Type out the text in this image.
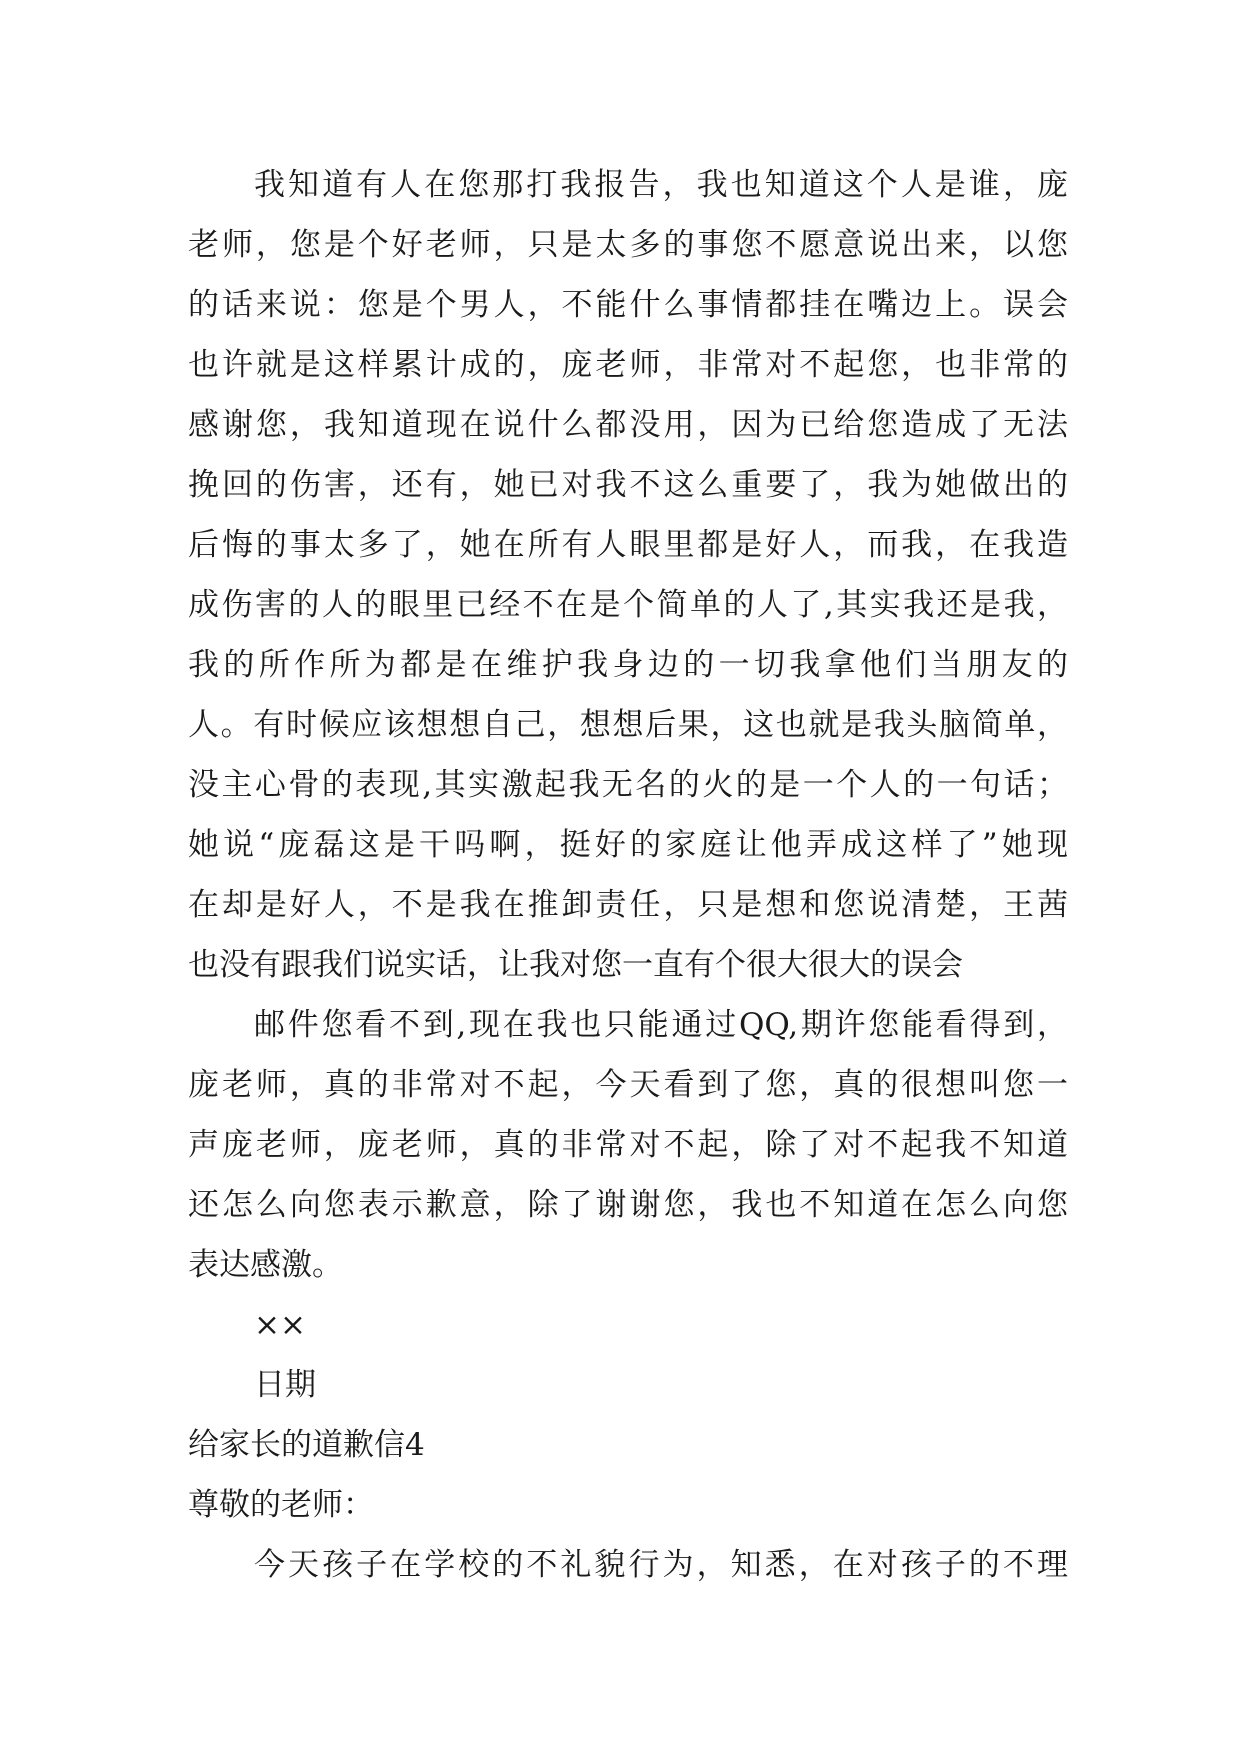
我知道有人在您那打我报告，我也知道这个人是谁，庞
老师，您是个好老师，只是太多的事您不愿意说出来，以您
的话来说：您是个男人，不能什么事情都挂在嘴边上。误会
也许就是这样累计成的，庞老师，非常对不起您，也非常的
感谢您，我知道现在说什么都没用，因为已给您造成了无法
挽回的伤害，还有，她已对我不这么重要了，我为她做出的
后悔的事太多了，她在所有人眼里都是好人，而我，在我造
成伤害的人的眼里已经不在是个简单的人了,其实我还是我，
我的所作所为都是在维护我身边的一切我拿他们当朋友的
人。有时候应该想想自己，想想后果，这也就是我头脑简单，
没主心骨的表现,其实激起我无名的火的是一个人的一句话；
她说“庞磊这是干吗啊，挺好的家庭让他弄成这样了”她现
在却是好人，不是我在推卸责任，只是想和您说清楚，王茜
也没有跟我们说实话，让我对您一直有个很大很大的误会
邮件您看不到,现在我也只能通过QQ,期许您能看得到，
庞老师，真的非常对不起，今天看到了您，真的很想叫您一
声庞老师，庞老师，真的非常对不起，除了对不起我不知道
还怎么向您表示歉意，除了谢谢您，我也不知道在怎么向您
表达感激。
××
日期
给家长的道歉信4
尊敬的老师：
今天孩子在学校的不礼貌行为，知悉，在对孩子的不理
